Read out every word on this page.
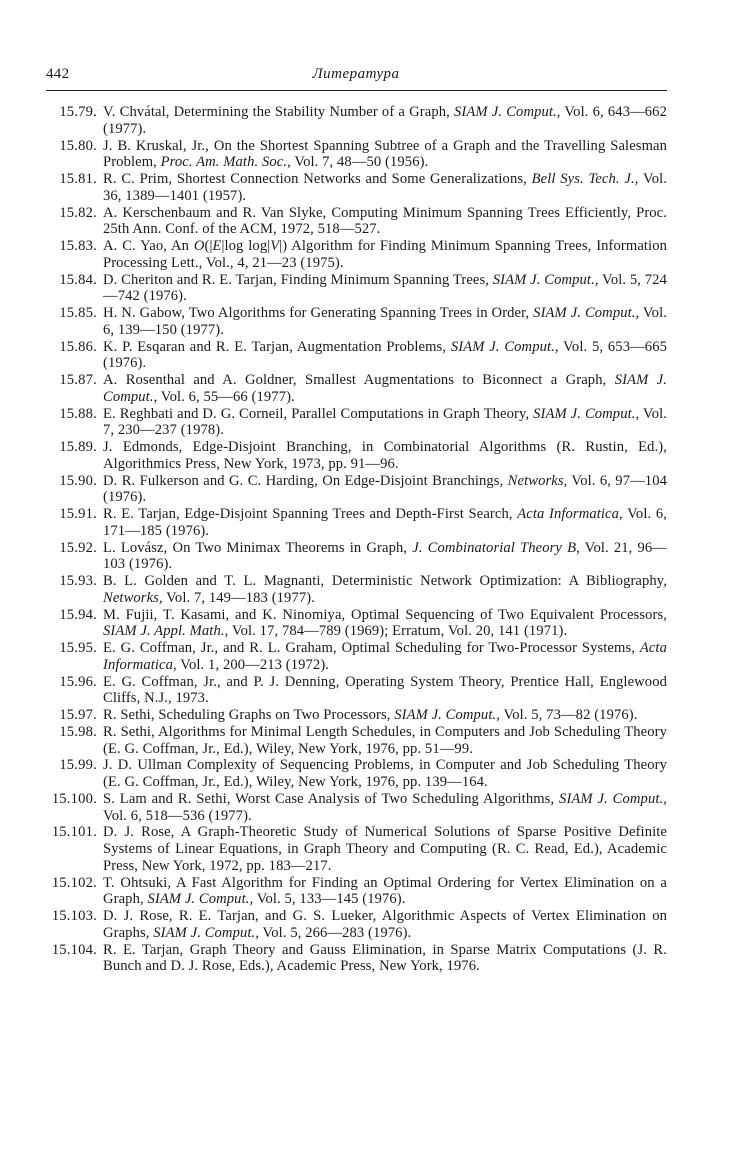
442	Литература
15.79. V. Chvátal, Determining the Stability Number of a Graph, SIAM J. Comput., Vol. 6, 643—662 (1977).
15.80. J. B. Kruskal, Jr., On the Shortest Spanning Subtree of a Graph and the Travelling Salesman Problem, Proc. Am. Math. Soc., Vol. 7, 48—50 (1956).
15.81. R. C. Prim, Shortest Connection Networks and Some Generalizations, Bell Sys. Tech. J., Vol. 36, 1389—1401 (1957).
15.82. A. Kerschenbaum and R. Van Slyke, Computing Minimum Spanning Trees Efficiently, Proc. 25th Ann. Conf. of the ACM, 1972, 518—527.
15.83. A. C. Yao, An O(|E|log log|V|) Algorithm for Finding Minimum Spanning Trees, Information Processing Lett., Vol., 4, 21—23 (1975).
15.84. D. Cheriton and R. E. Tarjan, Finding Minimum Spanning Trees, SIAM J. Comput., Vol. 5, 724—742 (1976).
15.85. H. N. Gabow, Two Algorithms for Generating Spanning Trees in Order, SIAM J. Comput., Vol. 6, 139—150 (1977).
15.86. K. P. Esqaran and R. E. Tarjan, Augmentation Problems, SIAM J. Comput., Vol. 5, 653—665 (1976).
15.87. A. Rosenthal and A. Goldner, Smallest Augmentations to Biconnect a Graph, SIAM J. Comput., Vol. 6, 55—66 (1977).
15.88. E. Reghbati and D. G. Corneil, Parallel Computations in Graph Theory, SIAM J. Comput., Vol. 7, 230—237 (1978).
15.89. J. Edmonds, Edge-Disjoint Branching, in Combinatorial Algorithms (R. Rustin, Ed.), Algorithmics Press, New York, 1973, pp. 91—96.
15.90. D. R. Fulkerson and G. C. Harding, On Edge-Disjoint Branchings, Networks, Vol. 6, 97—104 (1976).
15.91. R. E. Tarjan, Edge-Disjoint Spanning Trees and Depth-First Search, Acta Informatica, Vol. 6, 171—185 (1976).
15.92. L. Lovász, On Two Minimax Theorems in Graph, J. Combinatorial Theory B, Vol. 21, 96—103 (1976).
15.93. B. L. Golden and T. L. Magnanti, Deterministic Network Optimization: A Bibliography, Networks, Vol. 7, 149—183 (1977).
15.94. M. Fujii, T. Kasami, and K. Ninomiya, Optimal Sequencing of Two Equivalent Processors, SIAM J. Appl. Math., Vol. 17, 784—789 (1969); Erratum, Vol. 20, 141 (1971).
15.95. E. G. Coffman, Jr., and R. L. Graham, Optimal Scheduling for Two-Processor Systems, Acta Informatica, Vol. 1, 200—213 (1972).
15.96. E. G. Coffman, Jr., and P. J. Denning, Operating System Theory, Prentice Hall, Englewood Cliffs, N.J., 1973.
15.97. R. Sethi, Scheduling Graphs on Two Processors, SIAM J. Comput., Vol. 5, 73—82 (1976).
15.98. R. Sethi, Algorithms for Minimal Length Schedules, in Computers and Job Scheduling Theory (E. G. Coffman, Jr., Ed.), Wiley, New York, 1976, pp. 51—99.
15.99. J. D. Ullman Complexity of Sequencing Problems, in Computer and Job Scheduling Theory (E. G. Coffman, Jr., Ed.), Wiley, New York, 1976, pp. 139—164.
15.100. S. Lam and R. Sethi, Worst Case Analysis of Two Scheduling Algorithms, SIAM J. Comput., Vol. 6, 518—536 (1977).
15.101. D. J. Rose, A Graph-Theoretic Study of Numerical Solutions of Sparse Positive Definite Systems of Linear Equations, in Graph Theory and Computing (R. C. Read, Ed.), Academic Press, New York, 1972, pp. 183—217.
15.102. T. Ohtsuki, A Fast Algorithm for Finding an Optimal Ordering for Vertex Elimination on a Graph, SIAM J. Comput., Vol. 5, 133—145 (1976).
15.103. D. J. Rose, R. E. Tarjan, and G. S. Lueker, Algorithmic Aspects of Vertex Elimination on Graphs, SIAM J. Comput., Vol. 5, 266—283 (1976).
15.104. R. E. Tarjan, Graph Theory and Gauss Elimination, in Sparse Matrix Computations (J. R. Bunch and D. J. Rose, Eds.), Academic Press, New York, 1976.
